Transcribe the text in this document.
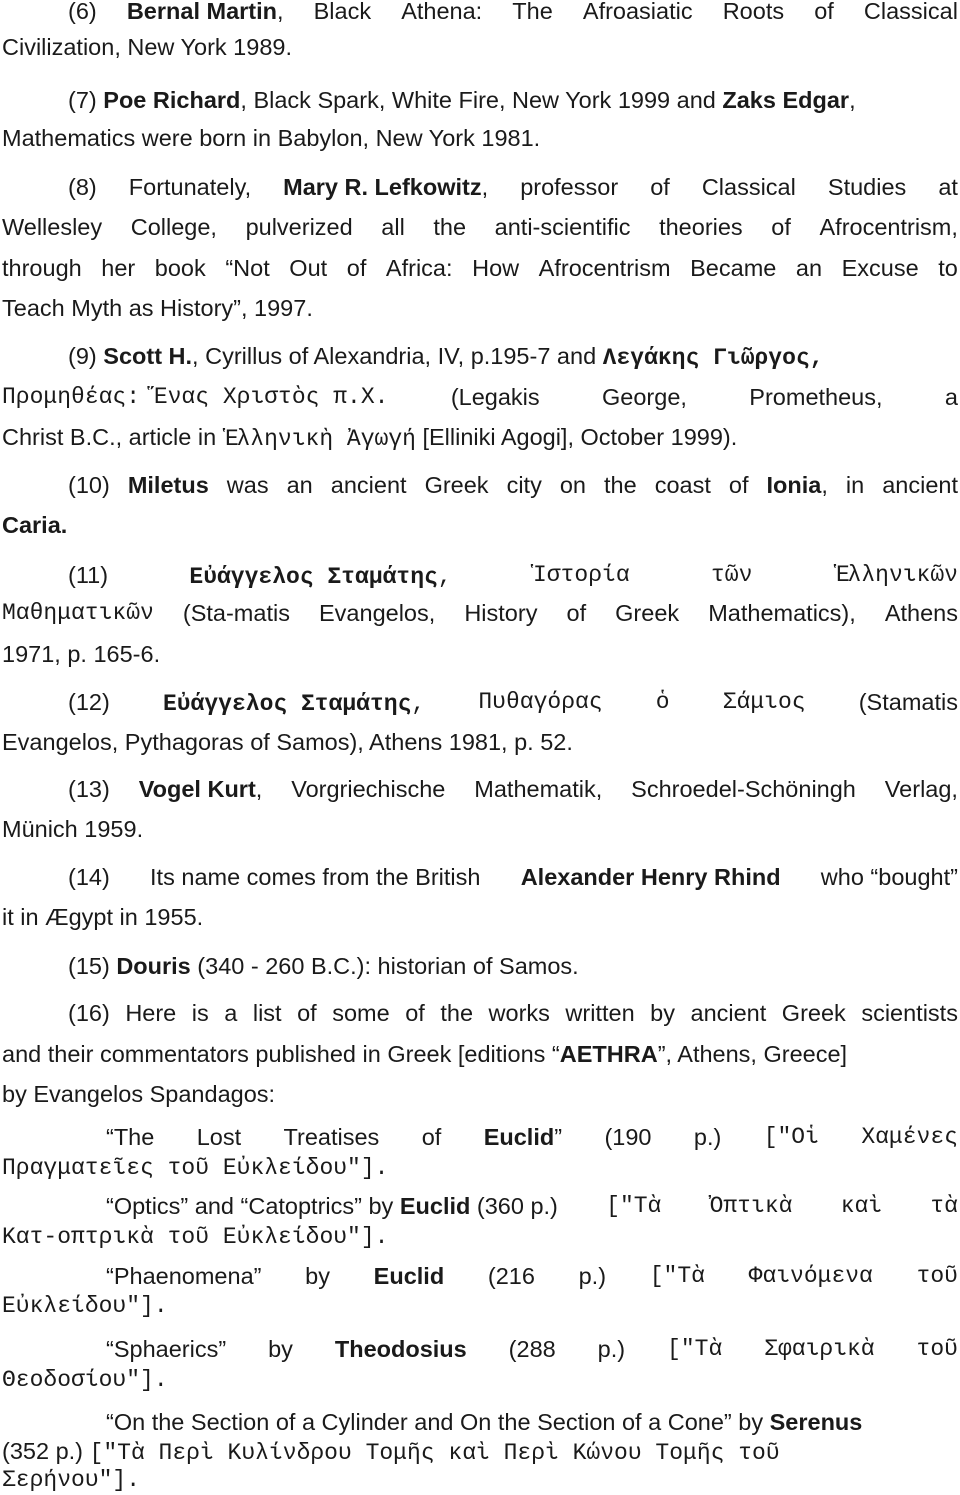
(6) Bernal Martin, Black Athena: The Afroasiatic Roots of Classical
Civilization, New York 1989.
(7) Poe Richard, Black Spark, White Fire, New York 1999 and Zaks Edgar,
Mathematics were born in Babylon, New York 1981.
(8) Fortunately, Mary R. Lefkowitz, professor of Classical Studies at
Wellesley College, pulverized all the anti-scientific theories of Afrocentrism,
through her book “Not Out of Africa: How Afrocentrism Became an Excuse to
Teach Myth as History”, 1997.
(9) Scott H., Cyrillus of Alexandria, IV, p.195-7 and Λεγάκης Γιῶργος,
Προμηθέας: Ἕνας Χριστὸς π.Χ.	(Legakis	George,	Prometheus,	a
Christ B.C., article in Ἑλληνικὴ Ἀγωγή [Elliniki Agogi], October 1999).
(10) Miletus was an ancient Greek city on the coast of Ionia, in ancient
Caria.
(11)	Εὐάγγελος Σταμάτης,	Ἱστορία	τῶν	Ἑλληνικῶν
Μαθηματικῶν (Sta-matis Evangelos, History of Greek Mathematics), Athens
1971, p. 165-6.
(12) Εὐάγγελος Σταμάτης, Πυθαγόρας ὁ Σάμιος (Stamatis
Evangelos, Pythagoras of Samos), Athens 1981, p. 52.
(13) Vogel Kurt, Vorgriechische Mathematik, Schroedel-Schöningh Verlag,
Münich 1959.
(14) Its name comes from the British Alexander Henry Rhind who “bought”
it in Ægypt in 1955.
(15) Douris (340 - 260 B.C.): historian of Samos.
(16) Here is a list of some of the works written by ancient Greek scientists
and their commentators published in Greek [editions “AETHRA”, Athens, Greece]
by Evangelos Spandagos:
“The Lost Treatises of Euclid” (190 p.) ["Οἱ Χαμένες
Πραγματεῖες τοῦ Εὐκλείδου"].
“Optics” and “Catoptrics” by Euclid (360 p.) ["Τὰ Ὀπτικὰ καὶ τὰ
Κατ-οπτρικὰ τοῦ Εὐκλείδου"].
“Phaenomena” by Euclid (216 p.) ["Τὰ Φαινόμενα τοῦ
Εὐκλείδου"].
“Sphaerics” by Theodosius (288 p.) ["Τὰ Σφαιρικὰ τοῦ
Θεοδοσίου"].
“On the Section of a Cylinder and On the Section of a Cone” by Serenus
(352 p.) ["Τὰ Περὶ Κυλίνδρου Τομῆς καὶ Περὶ Κώνου Τομῆς τοῦ
Σερήνου"].
